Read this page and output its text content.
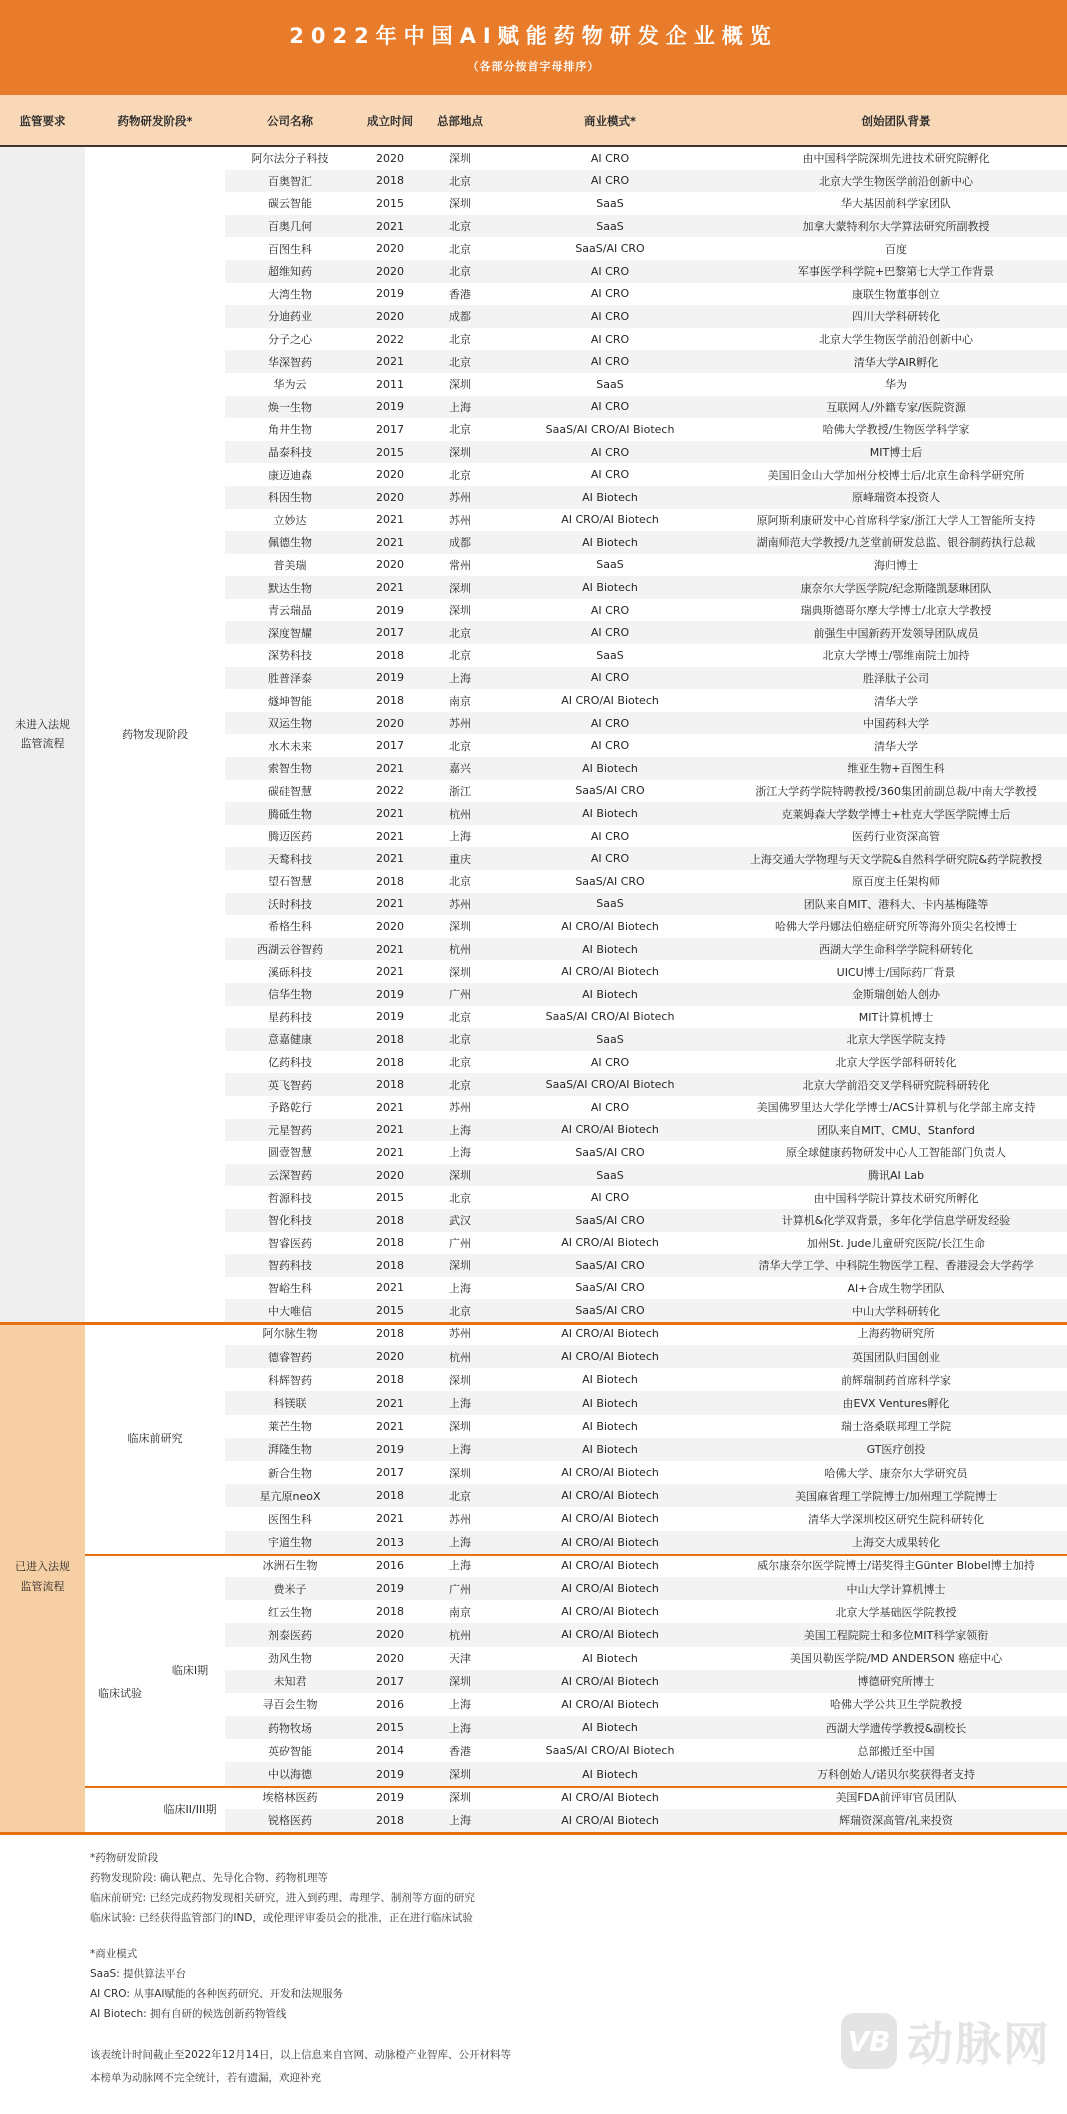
2022年中国AI赋能药物研发企业概览
（各部分按首字母排序）
监管要求	药物研发阶段*		公司名称	成立时间	总部地点	商业模式*	创始团队背景

未进入法规
监管流程	药物发现阶段		阿尔法分子科技	2020	深圳	AI CRO	由中国科学院深圳先进技术研究院孵化
			百奥智汇	2018	北京	AI CRO	北京大学生物医学前沿创新中心
			碳云智能	2015	深圳	SaaS	华大基因前科学家团队
			百奥几何	2021	北京	SaaS	加拿大蒙特利尔大学算法研究所副教授
			百图生科	2020	北京	SaaS/AI CRO	百度
			超维知药	2020	北京	AI CRO	军事医学科学院+巴黎第七大学工作背景
			大湾生物	2019	香港	AI CRO	康联生物董事创立
			分迪药业	2020	成都	AI CRO	四川大学科研转化
			分子之心	2022	北京	AI CRO	北京大学生物医学前沿创新中心
			华深智药	2021	北京	AI CRO	清华大学AIR孵化
			华为云	2011	深圳	SaaS	华为
			焕一生物	2019	上海	AI CRO	互联网人/外籍专家/医院资源
			角井生物	2017	北京	SaaS/AI CRO/AI Biotech	哈佛大学教授/生物医学科学家
			晶泰科技	2015	深圳	AI CRO	MIT博士后
			康迈迪森	2020	北京	AI CRO	美国旧金山大学加州分校博士后/北京生命科学研究所
			科因生物	2020	苏州	AI Biotech	原峰瑞资本投资人
			立妙达	2021	苏州	AI CRO/AI Biotech	原阿斯利康研发中心首席科学家/浙江大学人工智能所支持
			佩德生物	2021	成都	AI Biotech	湖南师范大学教授/九芝堂前研发总监、银谷制药执行总裁
			普美瑞	2020	常州	SaaS	海归博士
			默达生物	2021	深圳	AI Biotech	康奈尔大学医学院/纪念斯隆凯瑟琳团队
			青云瑞晶	2019	深圳	AI CRO	瑞典斯德哥尔摩大学博士/北京大学教授
			深度智耀	2017	北京	AI CRO	前强生中国新药开发领导团队成员
			深势科技	2018	北京	SaaS	北京大学博士/鄂维南院士加持
			胜普泽泰	2019	上海	AI CRO	胜泽肽子公司
			燧坤智能	2018	南京	AI CRO/AI Biotech	清华大学
			双运生物	2020	苏州	AI CRO	中国药科大学
			水木未来	2017	北京	AI CRO	清华大学
			索智生物	2021	嘉兴	AI Biotech	维亚生物+百图生科
			碳硅智慧	2022	浙江	SaaS/AI CRO	浙江大学药学院特聘教授/360集团前副总裁/中南大学教授
			腾砥生物	2021	杭州	AI Biotech	克莱姆森大学数学博士+杜克大学医学院博士后
			腾迈医药	2021	上海	AI CRO	医药行业资深高管
			天鹜科技	2021	重庆	AI CRO	上海交通大学物理与天文学院&自然科学研究院&药学院教授
			望石智慧	2018	北京	SaaS/AI CRO	原百度主任架构师
			沃时科技	2021	苏州	SaaS	团队来自MIT、港科大、卡内基梅隆等
			希格生科	2020	深圳	AI CRO/AI Biotech	哈佛大学丹娜法伯癌症研究所等海外顶尖名校博士
			西湖云谷智药	2021	杭州	AI Biotech	西湖大学生命科学学院科研转化
			溪砾科技	2021	深圳	AI CRO/AI Biotech	UICU博士/国际药厂背景
			信华生物	2019	广州	AI Biotech	金斯瑞创始人创办
			星药科技	2019	北京	SaaS/AI CRO/AI Biotech	MIT计算机博士
			意嘉健康	2018	北京	SaaS	北京大学医学院支持
			亿药科技	2018	北京	AI CRO	北京大学医学部科研转化
			英飞智药	2018	北京	SaaS/AI CRO/AI Biotech	北京大学前沿交叉学科研究院科研转化
			予路乾行	2021	苏州	AI CRO	美国佛罗里达大学化学博士/ACS计算机与化学部主席支持
			元星智药	2021	上海	AI CRO/AI Biotech	团队来自MIT、CMU、Stanford
			圆壹智慧	2021	上海	SaaS/AI CRO	原全球健康药物研发中心人工智能部门负责人
			云深智药	2020	深圳	SaaS	腾讯AI Lab
			哲源科技	2015	北京	AI CRO	由中国科学院计算技术研究所孵化
			智化科技	2018	武汉	SaaS/AI CRO	计算机&化学双背景，多年化学信息学研发经验
			智睿医药	2018	广州	AI CRO/AI Biotech	加州St. Jude儿童研究医院/长江生命
			智药科技	2018	深圳	SaaS/AI CRO	清华大学工学、中科院生物医学工程、香港浸会大学药学
			智峪生科	2021	上海	SaaS/AI CRO	AI+合成生物学团队
			中大唯信	2015	北京	SaaS/AI CRO	中山大学科研转化

已进入法规
监管流程	临床前研究		阿尔脉生物	2018	苏州	AI CRO/AI Biotech	上海药物研究所
			德睿智药	2020	杭州	AI CRO/AI Biotech	英国团队归国创业
			科辉智药	2018	深圳	AI Biotech	前辉瑞制药首席科学家
			科镁联	2021	上海	AI Biotech	由EVX Ventures孵化
			莱芒生物	2021	深圳	AI Biotech	瑞士洛桑联邦理工学院
			湃隆生物	2019	上海	AI Biotech	GT医疗创投
			新合生物	2017	深圳	AI CRO/AI Biotech	哈佛大学、康奈尔大学研究员
			星亢原neoX	2018	北京	AI CRO/AI Biotech	美国麻省理工学院博士/加州理工学院博士
			医图生科	2021	苏州	AI CRO/AI Biotech	清华大学深圳校区研究生院科研转化
			宇道生物	2013	上海	AI CRO/AI Biotech	上海交大成果转化
	临床试验	临床I期	冰洲石生物	2016	上海	AI CRO/AI Biotech	威尔康奈尔医学院博士/诺奖得主Günter Blobel博士加持
			费米子	2019	广州	AI CRO/AI Biotech	中山大学计算机博士
			红云生物	2018	南京	AI CRO/AI Biotech	北京大学基础医学院教授
			剂泰医药	2020	杭州	AI CRO/AI Biotech	美国工程院院士和多位MIT科学家领衔
			劲风生物	2020	天津	AI Biotech	美国贝勒医学院/MD ANDERSON 癌症中心
			未知君	2017	深圳	AI CRO/AI Biotech	博德研究所博士
			寻百会生物	2016	上海	AI CRO/AI Biotech	哈佛大学公共卫生学院教授
			药物牧场	2015	上海	AI Biotech	西湖大学遗传学教授&副校长
			英矽智能	2014	香港	SaaS/AI CRO/AI Biotech	总部搬迁至中国
			中以海德	2019	深圳	AI Biotech	万科创始人/诺贝尔奖获得者支持
		临床II/III期	埃格林医药	2019	深圳	AI CRO/AI Biotech	美国FDA前评审官员团队
			锐格医药	2018	上海	AI CRO/AI Biotech	辉瑞资深高管/礼来投资
*药物研发阶段
药物发现阶段: 确认靶点、先导化合物、药物机理等
临床前研究: 已经完成药物发现相关研究，进入到药理、毒理学、制剂等方面的研究
临床试验: 已经获得监管部门的IND，或伦理评审委员会的批准，正在进行临床试验
*商业模式
SaaS: 提供算法平台
AI CRO: 从事AI赋能的各种医药研究、开发和法规服务
AI Biotech: 拥有自研的候选创新药物管线
该表统计时间截止至2022年12月14日，以上信息来自官网、动脉橙产业智库、公开材料等
本榜单为动脉网不完全统计，若有遗漏，欢迎补充
VB 动脉网
